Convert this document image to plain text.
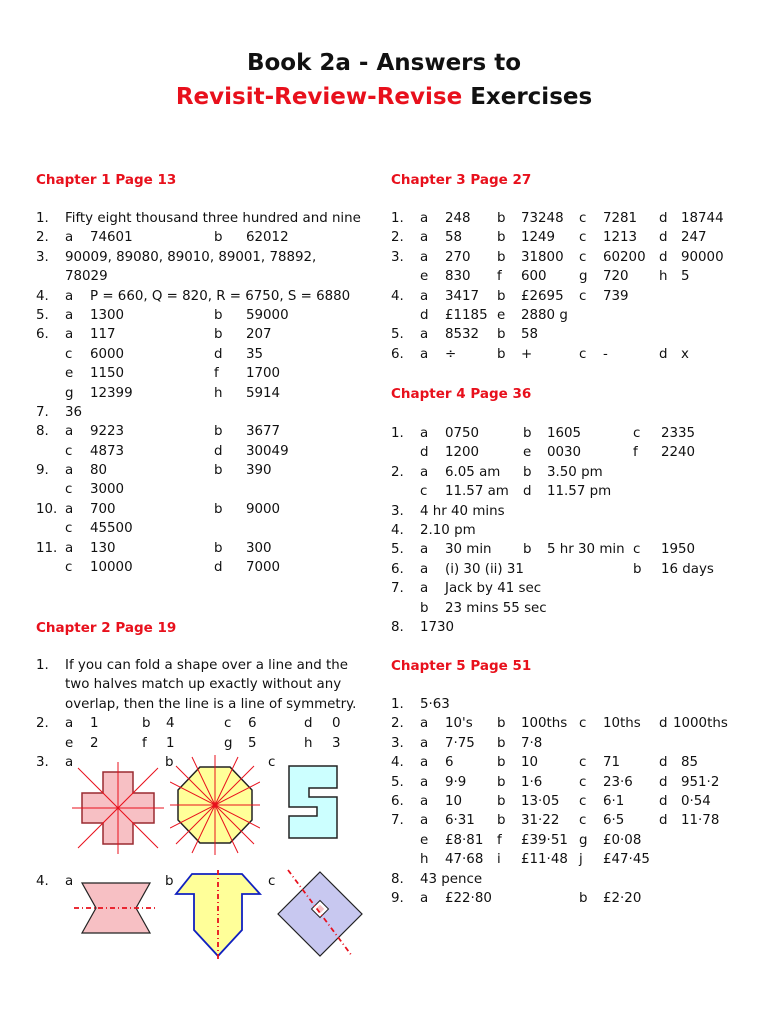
Book 2a - Answers to
Revisit-Review-Revise Exercises
Chapter 1 Page 13
1. Fifty eight thousand three hundred and nine
2. a 74601	b 62012
3. 90009, 89080, 89010, 89001, 78892,
78029
4. a P = 660, Q = 820, R = 6750, S = 6880
5. a 1300	b 59000
6. a 117	b 207
c 6000	d 35
e 1150	f 1700
g 12399	h 5914
7. 36
8. a 9223	b 3677
c 4873	d 30049
9. a 80	b 390
c 3000
10. a 700	b 9000
c 45500
11. a 130	b 300
c 10000	d 7000
Chapter 2 Page 19
1. If you can fold a shape over a line and the
two halves match up exactly without any
overlap, then the line is a line of symmetry.
2. a 1	b 4	c 6	d 0
e 2	f 1	g 5	h 3
3. a	b	c
4. a	b	c
Chapter 3 Page 27
1. a 248 b 73248 c 7281 d 18744
2. a 58	b 1249 c 1213 d 247
3. a 270 b 31800 c 60200 d 90000
e 830 f 600 g 720 h 5
4. a 3417 b £2695 c 739
d £1185 e 2880 g
5. a 8532 b 58
6. a ÷	b +	c -	d x
Chapter 4 Page 36
1. a 0750	b 1605	c 2335
d 1200	e 0030	f 2240
2. a 6.05 am b 3.50 pm
c 11.57 am d 11.57 pm
3. 4 hr 40 mins
4. 2.10 pm
5. a 30 min b 5 hr 30 min c 1950
6. a (i) 30 (ii) 31	b 16 days
7. a Jack by 41 sec
b 23 mins 55 sec
8. 1730
Chapter 5 Page 51
1. 5·63
2. a 10's b 100ths c 10ths d 1000ths
3. a 7·75 b 7·8
4. a 6	b 10	c 71	d 85
5. a 9·9 b 1·6	c 23·6 d 951·2
6. a 10	b 13·05 c 6·1	d 0·54
7. a 6·31 b 31·22 c 6·5	d 11·78
e £8·81 f £39·51 g £0·08
h 47·68 i £11·48 j £47·45
8. 43 pence
9. a £22·80	b £2·20
